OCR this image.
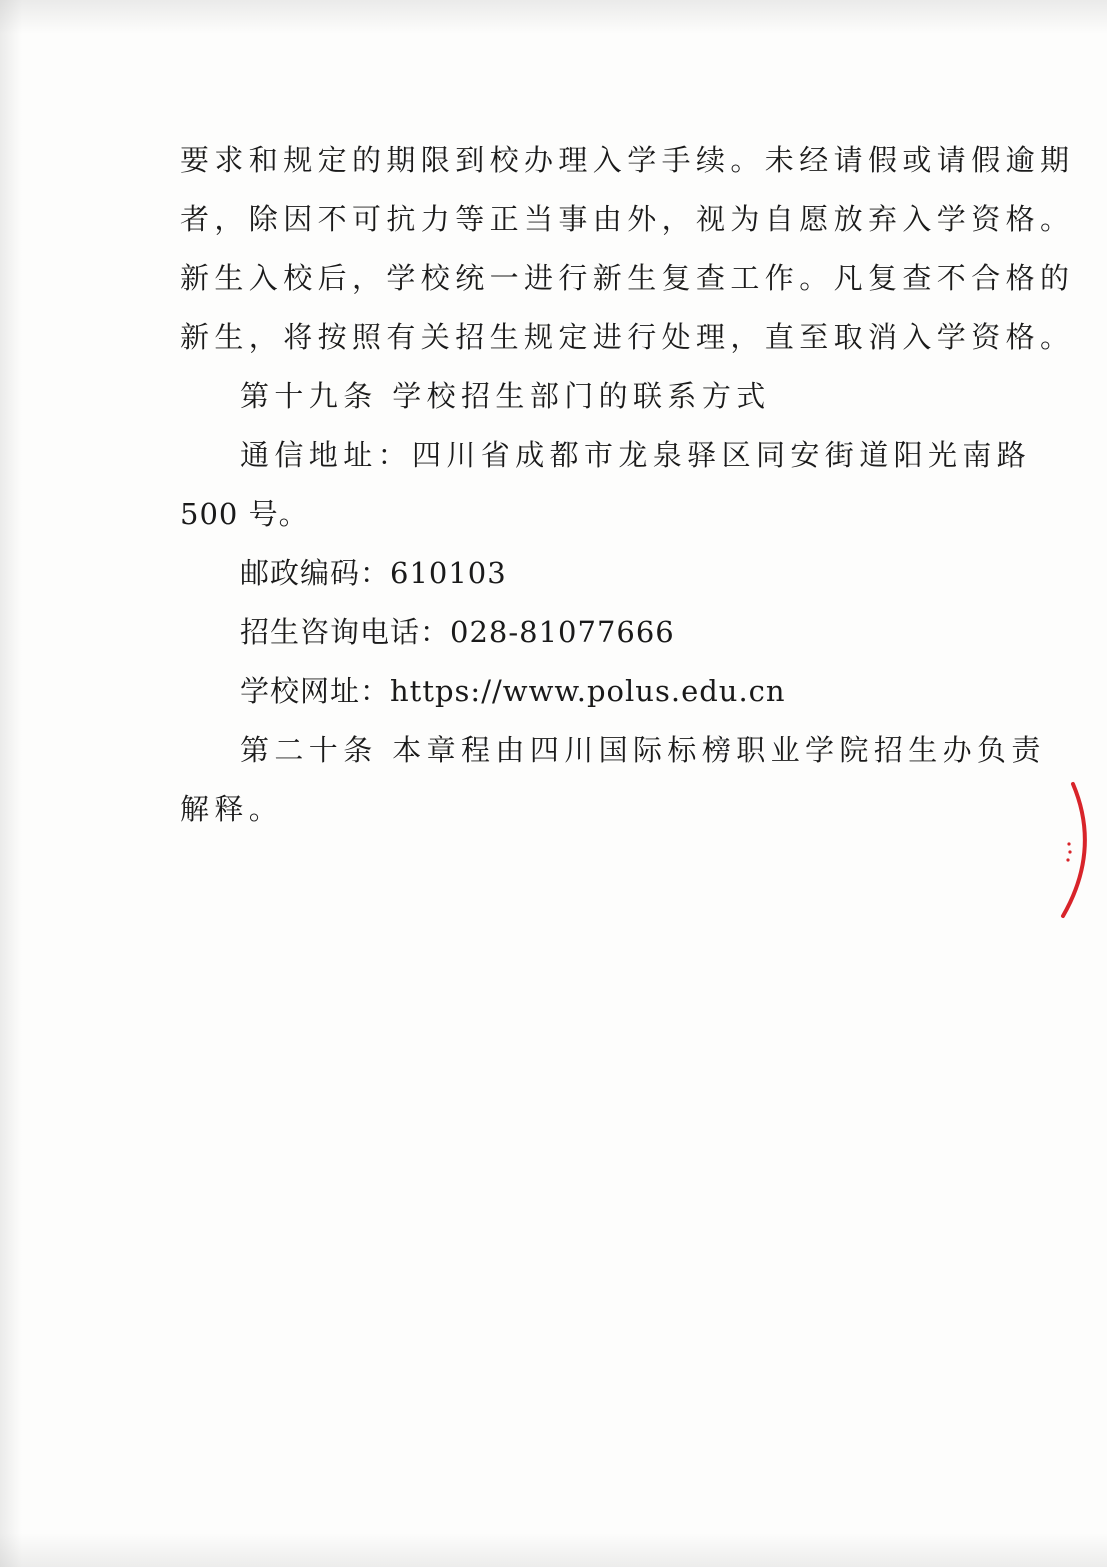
要求和规定的期限到校办理入学手续。未经请假或请假逾期
者，除因不可抗力等正当事由外，视为自愿放弃入学资格。
新生入校后，学校统一进行新生复查工作。凡复查不合格的
新生，将按照有关招生规定进行处理，直至取消入学资格。
第十九条 学校招生部门的联系方式
通信地址：四川省成都市龙泉驿区同安街道阳光南路
500 号。
邮政编码：610103
招生咨询电话：028-81077666
学校网址：https://www.polus.edu.cn
第二十条 本章程由四川国际标榜职业学院招生办负责
解释。
